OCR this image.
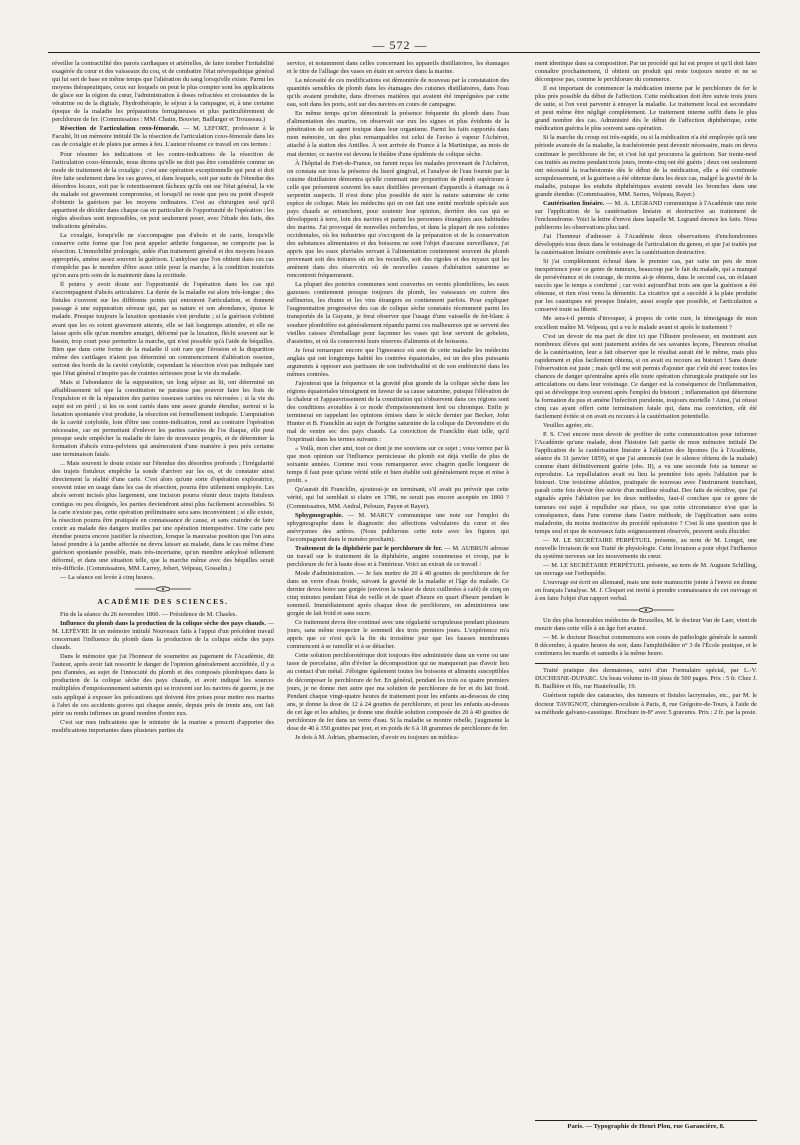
— 572 —

réveiller la contractilité des parois cardiaques et artérielles, de faire tomber l'irritabilité exagérée du cœur et des vaisseaux du cou, et de combattre l'état névropathique général qui lui sert de base en même temps que l'altération du sang lorsqu'elle existe. Parmi les moyens thérapeutiques, ceux sur lesquels on peut le plus compter sont les applications de glace sur la région du cœur, l'administration à doses refractées et croissantes de la vératrine ou de la digitale, l'hydrothérapie, le séjour à la campagne, et, à une certaine époque de la maladie les préparations ferrugineuses et plus particulièrement de perchlorure de fer. (Commissaires : MM. Chatin, Bouvier, Baillarger et Trousseau.)

Résection de l'articulation coxo-fémorale. — M. LEFORT, professeur à la Faculté, lit un mémoire intitulé De la résection de l'articulation coxo-fémorale dans les cas de coxalgie et de plaies par armes à feu. L'auteur résume ce travail en ces termes :

Pour résumer les indications et les contre-indications de la résection de l'articulation coxo-fémorale, nous dirons qu'elle ne doit pas être considérée comme un mode de traitement de la coxalgie ; c'est une opération exceptionnelle qui peut et doit être faite seulement dans les cas graves, et dans lesquels, soit par suite de l'étendue des désordres locaux, soit par le retentissement fâcheux qu'ils ont sur l'état général, la vie du malade est gravement compromise, et lorsqu'il ne reste que peu ou point d'espoir d'obtenir la guérison par les moyens ordinaires. C'est au chirurgien seul qu'il appartient de décider dans chaque cas en particulier de l'opportunité de l'opération : les règles absolues sont impossibles, on peut seulement poser, avec l'étude des faits, des indications générales.

La coxalgie, lorsqu'elle ne s'accompagne pas d'abcès et de carie, lorsqu'elle conserve cette forme que l'on peut appeler arthrite fongueuse, ne comporte pas la résection. L'immobilité prolongée, aidée d'un traitement général et des moyens locaux appropriés, amène assez souvent la guérison. L'ankylose que l'on obtient dans ces cas n'empêche pas le membre d'être assez utile pour la marche, à la condition toutefois qu'on aura pris soin de la maintenir dans la rectitude.

Il pourra y avoir doute sur l'opportunité de l'opération dans les cas qui s'accompagnent d'abcès articulaires. La durée de la maladie est alors très-longue ; des fistules s'ouvrent sur les différents points qui entourent l'articulation, et donnent passage à une suppuration séreuse qui, par sa nature et son abondance, épuise le malade. Presque toujours la luxation spontanée s'est produite ; si la guérison s'obtient avant que les os soient gravement atteints, elle se fait longtemps attendre, et elle ne laisse après elle qu'un membre amaigri, déformé par la luxation, fléchi souvent sur le bassin, trop court pour permettre la marche, qui n'est possible qu'à l'aide de béquilles. Bien que dans cette forme de la maladie il soit rare que l'érosion et la disparition même des cartilages n'aient pas déterminé un commencement d'altération osseuse, surtout des bords de la cavité cotyloïde, cependant la résection n'est pas indiquée tant que l'état général n'inspire pas de craintes sérieuses pour la vie du malade.

Mais si l'abondance de la suppuration, un long séjour au lit, ont déterminé un affaiblissement tel que la constitution ne paraisse pas pouvoir faire les frais de l'expulsion et de la réparation des parties osseuses cariées ou nécrosées ; si la vie du sujet est en péril ; si les os sont cariés dans une assez grande étendue, surtout si la luxation spontanée s'est produite, la résection est formellement indiquée. L'amputation de la cavité cotyloïde, loin d'être une contre-indication, rend au contraire l'opération nécessaire, car en permettant d'enlever les parties cariées de l'os iliaque, elle peut presque seule empêcher la maladie de faire de nouveaux progrès, et de déterminer la formation d'abcès extra-pelviens qui amèneraient d'une manière à peu près certaine une terminaison fatale.

... Mais souvent le doute existe sur l'étendue des désordres profonds ; l'irrégularité des trajets fistuleux empêche la sonde d'arriver sur les os, et de constater ainsi directement la réalité d'une carie. C'est alors qu'une sorte d'opération exploratrice, souvent mise en usage dans les cas de résection, pourra être utilement employée. Les abcès seront incisés plus largement, une incision pourra réunir deux trajets fistuleux contigus ou peu éloignés, les parties deviendront ainsi plus facilement accessibles. Si la carie n'existe pas, cette opération préliminaire sera sans inconvénient ; si elle existe, la résection pourra être pratiquée en connaissance de cause, et sans craindre de faire courir au malade des dangers inutiles par une opération intempestive. Une carie peu étendue pourra encore justifier la résection, lorsque la mauvaise position que l'on aura laissé prendre à la jambe affectée ne devra laisser au malade, dans le cas même d'une guérison spontanée possible, mais très-incertaine, qu'un membre ankylosé tellement déformé, et dans une situation telle, que la marche même avec des béquilles serait très-difficile. (Commissaires, MM. Larrey, Jobert, Velpeau, Gosselin.)

— La séance est levée à cinq heures.

ACADÉMIE DES SCIENCES.

Fin de la séance du 26 novembre 1860. — Présidence de M. Chasles.

Influence du plomb dans la production de la colique sèche des pays chauds. — M. LEFÈVRE lit un mémoire intitulé Nouveaux faits à l'appui d'un précédent travail concernant l'influence du plomb dans la production de la colique sèche des pays chauds.

Dans le mémoire que j'ai l'honneur de soumettre au jugement de l'Académie, dit l'auteur, après avoir fait ressortir le danger de l'opinion généralement accréditée, il y a peu d'années, au sujet de l'innocuité du plomb et des composés plombiques dans la production de la colique sèche des pays chauds, et avoir indiqué les sources multipliées d'empoisonnement saturnin qui se trouvent sur les navires de guerre, je me suis appliqué à exposer les précautions qui doivent être prises pour mettre nos marins à l'abri de ces accidents graves qui chaque année, depuis près de trente ans, ont fait périr ou rendu infirmes un grand nombre d'entre eux.

C'est sur mes indications que le ministre de la marine a prescrit d'apporter des modifications importantes dans plusieurs parties du

service, et notamment dans celles concernant les appareils distillatoires, les étamages et le titre de l'alliage des vases en étain en service dans la marine.

La nécessité de ces modifications est démontrée de nouveau par la constatation des quantités sensibles de plomb dans les étamages des cuisines distillatoires, dans l'eau qu'ils avaient produite, dans diverses matières qui avaient été imprégnées par cette eau, soit dans les ports, soit sur des navires en cours de campagne.

En même temps qu'on démontrait la présence fréquente du plomb dans l'eau d'alimentation des marins, on observait sur eux les signes et plus évidents de la pénétration de cet agent toxique dans leur organisme. Parmi les faits rapportés dans mon mémoire, un des plus remarquables est celui de l'aviso à vapeur l'Achéron, attaché à la station des Antilles. À son arrivée de France à la Martinique, au mois de mai dernier, ce navire est devenu le théâtre d'une épidémie de colique sèche.

À l'hôpital de Fort-de-France, on furent reçus les malades provenant de l'Achéron, on constata sur tous la présence du liseré gingival, et l'analyse de l'eau fournie par la cuisine distillatoire démontra qu'elle contenait une proportion de plomb supérieure à celle que présentent souvent les eaux distillées provenant d'appareils à étamage ou à serpentin suspects. Il n'est donc plus possible de nier la nature saturnine de cette espèce de colique. Mais les médecins qui en ont fait une entité morbide spéciale aux pays chauds se retranchent, pour soutenir leur opinion, derrière des cas qui se développent à terre, loin des navires et parmi les personnes étrangères aux habitudes des marins. J'ai provoqué de nouvelles recherches, et dans la plupart de nos colonies occidentales, où les industries qui s'occupent de la préparation et de la conservation des substances alimentaires et des boissons ne sont l'objet d'aucune surveillance, j'ai appris que les eaux pluviales servant à l'alimentation contiennent souvent du plomb provenant soit des toitures où on les recueille, soit des rigoles et des tuyaux qui les amènent dans des réservoirs où de nouvelles causes d'altération saturnine se rencontrent fréquemment.

La plupart des poteries communes sont couvertes en vernis plombifères, les eaux gazeuses contiennent presque toujours du plomb, les vaisseaux en cuivre des raffineries, les rhums et les vins étrangers en contiennent parfois. Pour expliquer l'augmentation progressive des cas de colique sèche constatés récemment parmi les transportés de la Guyane, je ferai observer que l'usage d'une vaisselle de fer-blanc à soudure plombifère est généralement répandu parmi ces malheureux qui se servent des vieilles caisses d'emballage pour façonner les vases qui leur servent de gobelets, d'assiettes, et où ils conservent leurs réserves d'aliments et de boissons.

Je ferai remarquer encore que l'ignorance où sont de cette maladie les médecins anglais qui ont longtemps habité les contrées équatoriales, est un des plus puissants arguments à opposer aux partisans de son individualité et de son endémicité dans les mêmes contrées.

J'ajouterai que la fréquence et la gravité plus grande de la colique sèche dans les régions équatoriales témoignent en faveur de sa cause saturnine, puisque l'élévation de la chaleur et l'appauvrissement de la constitution qui s'observent dans ces régions sont des conditions avorables à ce mode d'empoisonnement lent ou chronique. Enfin je terminerai en rappelant les opinions émises dans le siècle dernier par Becker, John Hunter et B. Francklin au sujet de l'origine saturnine de la colique du Devonshire et du mal de ventre sec des pays chauds. La conviction de Francklin était telle, qu'il l'exprimait dans les termes suivants :

« Voilà, mon cher ami, tout ce dont je me souviens sur ce sujet ; vous verrez par là que mon opinion sur l'influence pernicieuse du plomb est déjà vieille de plus de soixante années. Comme moi vous remarquerez avec chagrin quelle longueur de temps il faut pour qu'une vérité utile et bien établie soit généralement reçue et mise à profit. »

Qu'aurait dit Francklin, ajouterai-je en terminant, s'il avait pu prévoir que cette vérité, qui lui semblait si claire en 1786, ne serait pas encore acceptée en 1860 ? (Commissaires, MM. Andral, Pelouze, Payen et Rayer).

Sphygmographie. — M. MARCY communique une note sur l'emploi du sphygmographe dans le diagnostic des affections valvulaires du cœur et des anévrysmes des artères. (Nous publierons cette note avec les figures qui l'accompagnent dans le numéro prochain).

Traitement de la diphthérie par le perchlorure de fer. — M. AUBRUN adresse un travail sur le traitement de la diphthérie, angine couenneuse et croup, par le perchlorure de fer à haute dose et à l'intérieur. Voici un extrait de ce travail :

Mode d'administration. — Je fais mettre de 20 à 40 gouttes de perchlorure de fer dans un verre d'eau froide, suivant la gravité de la maladie et l'âge du malade. Ce dernier devra boire une gorgée (environ la valeur de deux cuillerées à café) de cinq en cinq minutes pendant l'état de veille et de quart d'heure en quart d'heure pendant le sommeil. Immédiatement après chaque dose de perchlorure, on administrera une gorgée de lait froid et sans sucre.

Ce traitement devra être continué avec une régularité scrupuleuse pendant plusieurs jours, sans même respecter le sommeil des trois premiers jours. L'expérience m'a appris que ce n'est qu'à la fin du troisième jour que les fausses membranes commencent à se ramollir et à se détacher.

Cette solution perchlorotérique doit toujours être administrée dans un verre ou une tasse de porcelaine, afin d'éviter la décomposition qui ne manquerait pas d'avoir lieu au contact d'un métal. J'éloigne également toutes les boissons et aliments susceptibles de décomposer le perchlorure de fer. En général, pendant les trois ou quatre premiers jours, je ne donne rien autre que ma solution de perchlorure de fer et du lait froid. Pendant chaque vingt-quatre heures de traitement pour les enfants au-dessous de cinq ans, je donne la dose de 12 à 24 gouttes de perchlorure, et pour les enfants au-dessus de cet âge et les adultes, je donne une double solution composée de 20 à 40 gouttes de perchlorure de fer dans un verre d'eau. Si la maladie se montre rebelle, j'augmente la dose de 40 à 350 gouttes par jour, et en poids de 6 à 18 grammes de perchlorure de fer.

Je dois à M. Adrian, pharmacien, d'avoir eu toujours un médica-

ment identique dans sa composition. Par un procédé qui lui est propre et qu'il doit faire connaître prochainement, il obtient un produit qui reste toujours neutre et ne se décompose pas, comme le perchlorure du commerce.

Il est important de commencer la médication interne par le perchlorure de fer le plus près possible du début de l'affection. Cette médication doit être suivie trois jours de suite, si l'on veut parvenir à enrayer la maladie. Le traitement local est secondaire et peut même être négligé complètement. Le traitement interne suffit dans le plus grand nombre des cas. Administré dès le début de l'affection diphthérique, cette médication guérira le plus souvent sans opération.

Si la marche du croup est très-rapide, ou si la médication n'a été employée qu'à une période avancée de la maladie, la trachéotomie peut devenir nécessaire, mais on devra continuer le perchlorure de fer, et c'est lui qui procurera la guérison. Sur trente-neuf cas traités au moins pendant trois jours, trente-cinq ont été guéris ; deux ont seulement ont nécessité la trachéotomie dès le début de la médication, elle a été continuée scrupuleusement, et la guérison a été obtenue dans les deux cas, malgré la gravité de la maladie, puisque les enduits diphthériques avaient envahi les bronches dans une grande étendue. (Commissaires, MM. Serres, Velpeau, Rayer.)

Cautérisation linéaire. — M. A. LEGRAND communique à l'Académie une note sur l'application de la cautérisation linéaire et destructive au traitement de l'enchondrome. Voici la lettre d'envoi dans laquelle M. Legrand énonce les faits. Nous publierons les observations plus tard.

J'ai l'honneur d'adresser à l'Académie deux observations d'enchondromes développés tous deux dans le voisinage de l'articulation du genou, et que j'ai traités par la cautérisation linéaire combinée avec la cautérisation destructive.

Si j'ai complètement échoué dans le premier cas, par suite un peu de mon inexpérience pour ce genre de tumeurs, beaucoup par le fait du malade, qui a manqué de persévérance et de courage, de moins ai-je obtenu, dans le second cas, un éclatant succès que le temps a confirmé ; car voici aujourd'hui trois ans que la guérison a été obtenue, et rien n'est venu la démentir. La cicatrice qui a succédé à la plaie produite par les caustiques est presque linéaire, aussi souple que possible, et l'articulation a conservé toute sa liberté.

Me sera-t-il permis d'invoquer, à propos de cette cure, le témoignage de mon excellent maître M. Velpeau, qui a vu le malade avant et après le traitement ?

C'est un devoir de ma part de dire ici que l'illustre professeur, en montrant aux nombreux élèves qui sont justement avides de ses savantes leçons, l'heureux résultat de la cautérisation, leur a fait observer que le résultat aurait été le même, mais plus rapidement et plus facilement obtenu, si on avait eu recours au bistouri ! Sans doute l'observation est juste ; mais qu'il me soit permis d'ajouter que c'eût été avec toutes les chances de danger qu'entraîne après elle toute opération chirurgicale pratiquée sur les articulations ou dans leur voisinage. Ce danger est la conséquence de l'inflammation, qui se développe trop souvent après l'emploi du bistouri ; inflammation qui détermine la formation du pus et amène l'infection purulente, toujours mortelle ! Ainsi, j'ai réussi cinq cas ayant offert cette terminaison fatale qui, dans ma conviction, eût été facilement évitée si on avait eu recours à la cautérisation potentielle.

Veuillez agréer, etc.

P. S. C'est encore mon devoir de profiter de cette communication pour informer l'Académie qu'une malade, dont l'histoire fait partie de mon mémoire intitulé De l'application de la cautérisation linéaire à l'ablation des lipomes (lu à l'Académie, séance du 31 janvier 1859), et que j'ai annoncée (sur le silence obtenu de la malade) comme étant définitivement guérie (obs. II), a vu une seconde fois sa tumeur se reproduire. La repullulation avait eu lieu la première fois après l'ablation par le bistouri. Une troisième ablation, pratiquée de nouveau avec l'instrument tranchant, paraît cette fois devoir être suivie d'un meilleur résultat. Des faits de récidive, que j'ai signalés après l'ablation par les deux méthodes, faut-il conclure que ce genre de tumeurs est sujet à repulluler sur place, ou que cette circonstance n'est que la conséquence, dans l'une comme dans l'autre méthode, de l'application sans soins maladroite, du moins instinctive du procédé opératoire ? C'est là une question que le temps seul et que de nouveaux faits soigneusement observés, peuvent seuls élucider.

— M. LE SECRÉTAIRE PERPÉTUEL présente, au nom de M. Longet, une nouvelle livraison de son Traité de physiologie. Cette livraison a pour objet l'influence du système nerveux sur les mouvements du cœur.

— M. LE SECRÉTAIRE PERPÉTUEL présente, au nom de M. Auguste Schilling, un ouvrage sur l'orthopédie.

L'ouvrage est écrit en allemand, mais une note manuscrite jointe à l'envoi en donne en français l'analyse. M. J. Cloquet est invité à prendre connaissance de cet ouvrage et à en faire l'objet d'un rapport verbal.

Un des plus honorables médecins de Bruxelles, M. le docteur Van de Laer, vient de mourir dans cette ville à un âge fort avancé.

— M. le docteur Bouchut commencera son cours de pathologie générale le samedi 8 décembre, à quatre heures du soir, dans l'amphithéâtre n° 3 de l'École pratique, et le continuera les mardis et samedis à la même heure.

Traité pratique des dermatoses, suivi d'un Formulaire spécial, par L.-V. DUCHESNE-DUPARC. Un beau volume in-18 jésus de 500 pages. Prix : 5 fr. Chez J. B. Baillière et fils, rue Hautefeuille, 19.

Guérison rapide des cataractes, des tumeurs et fistules lacrymales, etc., par M. le docteur TAVIGNOT, chirurgien-oculiste à Paris, 8, rue Grégoire-de-Tours, à l'aide de sa méthode galvano-caustique. Brochure in-8° avec 5 gravures. Prix : 2 fr. par la poste.

Paris. — Typographie de Henri Plon, rue Garancière, 8.
